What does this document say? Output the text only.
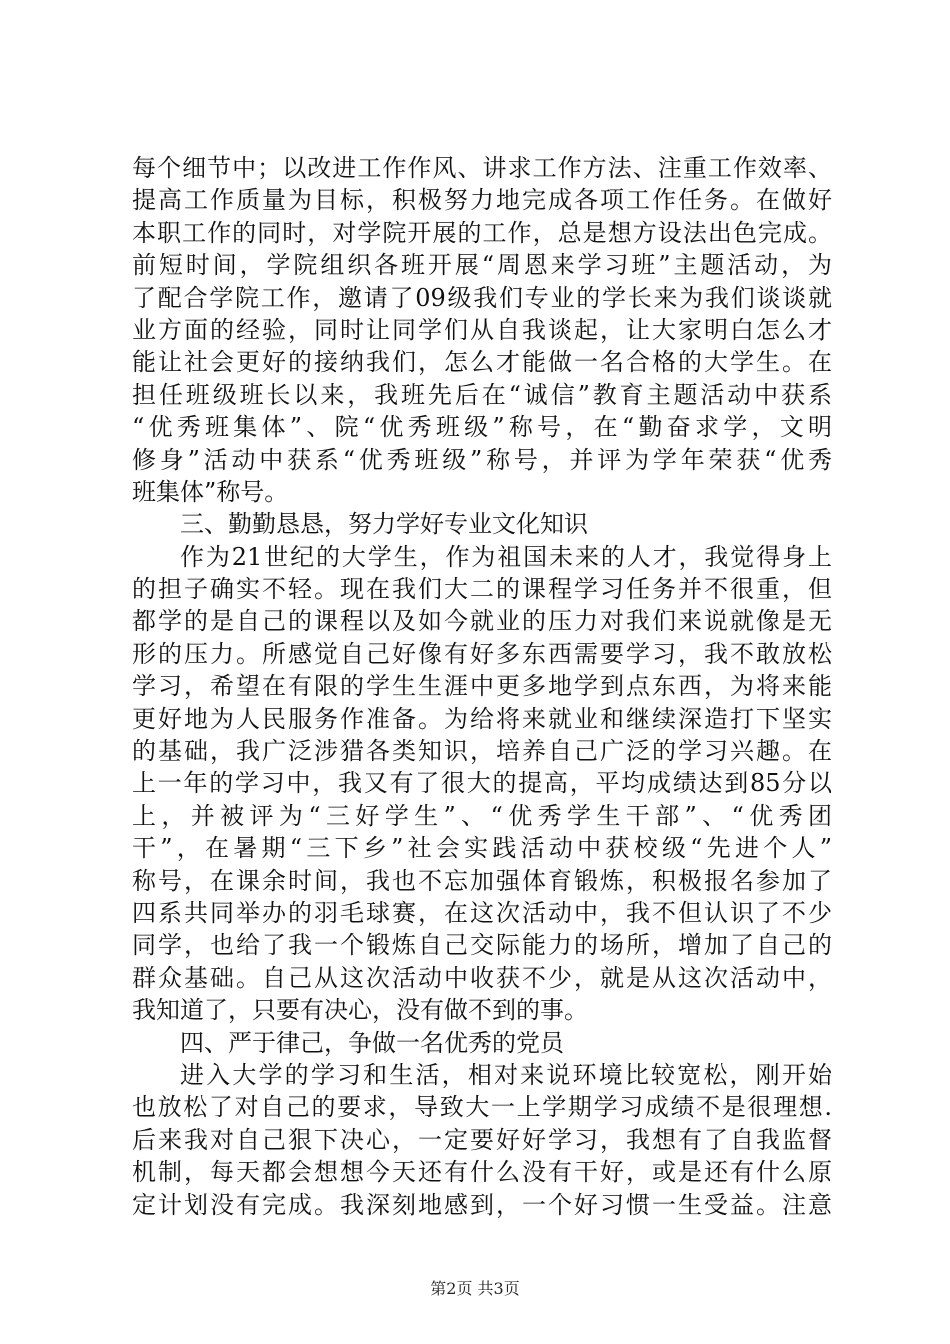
每个细节中；以改进工作作风、讲求工作方法、注重工作效率、
提高工作质量为目标，积极努力地完成各项工作任务。在做好
本职工作的同时，对学院开展的工作，总是想方设法出色完成。
前短时间，学院组织各班开展“周恩来学习班”主题活动，为
了配合学院工作，邀请了09级我们专业的学长来为我们谈谈就
业方面的经验，同时让同学们从自我谈起，让大家明白怎么才
能让社会更好的接纳我们，怎么才能做一名合格的大学生。在
担任班级班长以来，我班先后在“诚信”教育主题活动中获系
“优秀班集体”、院“优秀班级”称号，在“勤奋求学，文明
修身”活动中获系“优秀班级”称号，并评为学年荣获“优秀
班集体”称号。
三、勤勤恳恳，努力学好专业文化知识
作为21世纪的大学生，作为祖国未来的人才，我觉得身上
的担子确实不轻。现在我们大二的课程学习任务并不很重，但
都学的是自己的课程以及如今就业的压力对我们来说就像是无
形的压力。所感觉自己好像有好多东西需要学习，我不敢放松
学习，希望在有限的学生生涯中更多地学到点东西，为将来能
更好地为人民服务作准备。为给将来就业和继续深造打下坚实
的基础，我广泛涉猎各类知识，培养自己广泛的学习兴趣。在
上一年的学习中，我又有了很大的提高，平均成绩达到85分以
上，并被评为“三好学生”、“优秀学生干部”、“优秀团
干”，在暑期“三下乡”社会实践活动中获校级“先进个人”
称号，在课余时间，我也不忘加强体育锻炼，积极报名参加了
四系共同举办的羽毛球赛，在这次活动中，我不但认识了不少
同学，也给了我一个锻炼自己交际能力的场所，增加了自己的
群众基础。自己从这次活动中收获不少，就是从这次活动中，
我知道了，只要有决心，没有做不到的事。
四、严于律己，争做一名优秀的党员
进入大学的学习和生活，相对来说环境比较宽松，刚开始
也放松了对自己的要求，导致大一上学期学习成绩不是很理想.
后来我对自己狠下决心，一定要好好学习，我想有了自我监督
机制，每天都会想想今天还有什么没有干好，或是还有什么原
定计划没有完成。我深刻地感到，一个好习惯一生受益。注意
第2页 共3页
